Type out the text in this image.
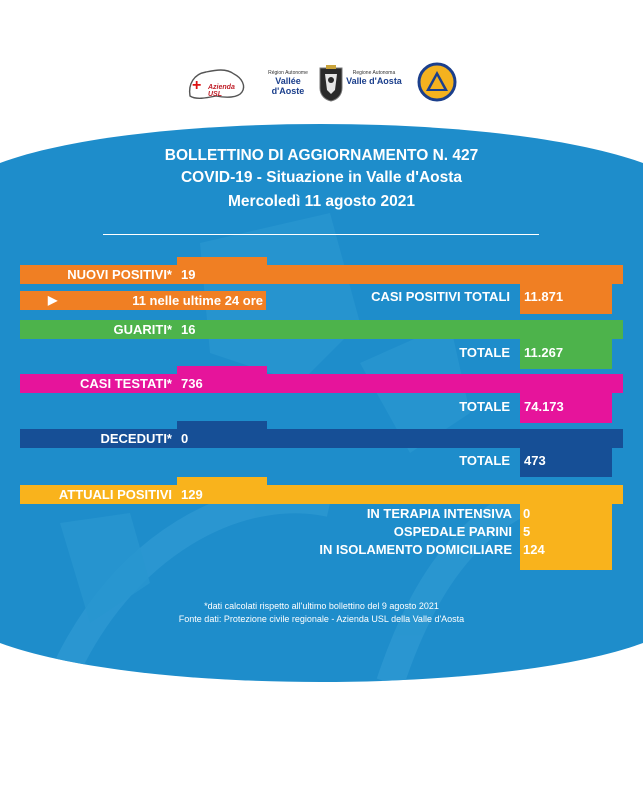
+ Azienda USL
Région Autonome
Vallée d'Aoste
Regione Autonoma
Valle d'Aosta
BOLLETTINO DI AGGIORNAMENTO N. 427
COVID-19 - Situazione in Valle d'Aosta
Mercoledì 11 agosto 2021
NUOVI POSITIVI* 19
▶	11 nelle ultime 24 ore	CASI POSITIVI TOTALI 11.871
GUARITI* 16
TOTALE 11.267
CASI TESTATI* 736
TOTALE 74.173
DECEDUTI* 0
TOTALE 473
ATTUALI POSITIVI 129
IN TERAPIA INTENSIVA 0
OSPEDALE PARINI 5
IN ISOLAMENTO DOMICILIARE 124
*dati calcolati rispetto all'ultimo bollettino del 9 agosto 2021
Fonte dati: Protezione civile regionale - Azienda USL della Valle d'Aosta
